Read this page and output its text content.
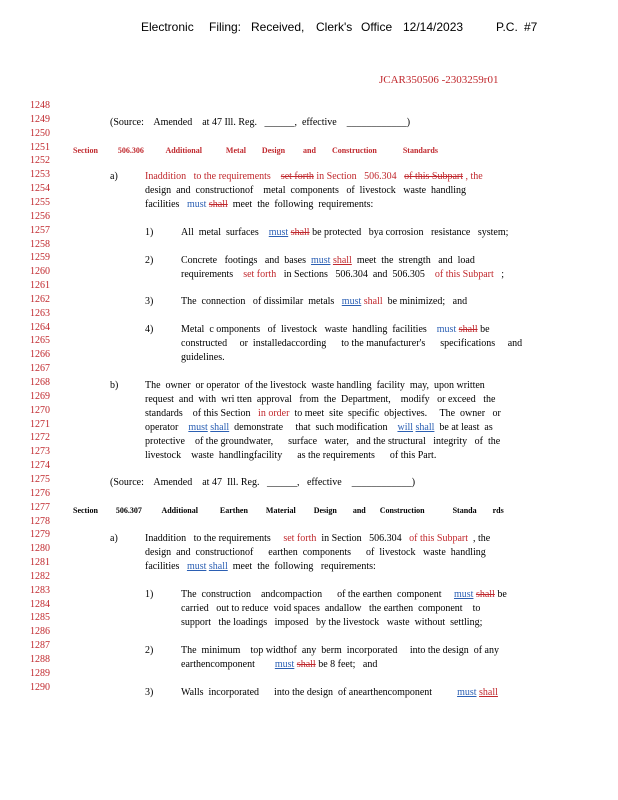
Electronic Filing: Received, Clerk's Office 12/14/2023	P.C. #7
JCAR350506 -2303259r01
1248
1249
1250
1251
1252
1253
1254
1255
1256
1257
1258
1259
1260
1261
1262
1263
1264
1265
1266
1267
1268
1269
1270
1271
1272
1273
1274
1275
1276
1277
1278
1279
1280
1281
1282
1283
1284
1285
1286
1287
1288
1289
1290
(Source: Amended at 47 Ill. Reg. ______, effective ____________)
Section	506.306	Additional	Metal Design and Construction	Standards
a)	Inaddition to the requirements set forth in Section 506.304 of this Subpart , the
design  and  constructionof    metal  components   of  livestock   waste  handling
facilities must shall meet  the  following  requirements:
1)	All  metal  surfaces must shall be protected   bya corrosion   resistance   system;
2)	Concrete   footings   and  bases must shall meet  the  strength   and  load
requirements set forth in Sections   506.304  and  506.305 of this Subpart ;
3)	The  connection   of dissimilar  metals must shall be minimized;   and
4)	Metal  c omponents   of  livestock   waste  handling  facilities must shall be
constructed     or  installedaccording      to the manufacturer's      specifications     and
guidelines.
b)	The  owner  or operator  of the livestock  waste handling  facility  may,  upon written
request  and  with  wri tten  approval   from  the  Department,    modify   or exceed   the
standards    of this Section in order to meet  site  specific  objectives.     The  owner   or
operator must shall demonstrate     that  such modification will shall be at least  as
protective    of the groundwater,      surface   water,   and the structural   integrity   of  the
livestock    waste  handlingfacility      as the requirements      of this Part.
(Source: Amended at 47  Ill. Reg. ______, effective ____________)
Section 506.307 Additional	Earthen Material Design and Construction	Standa rds
a)	Inaddition to the requirements set forth in Section   506.304 of this Subpart , the
design  and  constructionof      earthen  components      of  livestock   waste  handling
facilities must shall meet  the  following   requirements:
1)	The  construction    andcompaction      of the earthen  component must shall be
carried   out to reduce  void spaces  andallow   the earthen  component    to
support   the loadings   imposed   by the livestock   waste  without  settling;
2)	The  minimum    top widthof  any  berm  incorporated     into the design  of any
earthencomponent must shall be 8 feet;   and
3)	Walls  incorporated      into the design  of anearthencomponent	must shall
